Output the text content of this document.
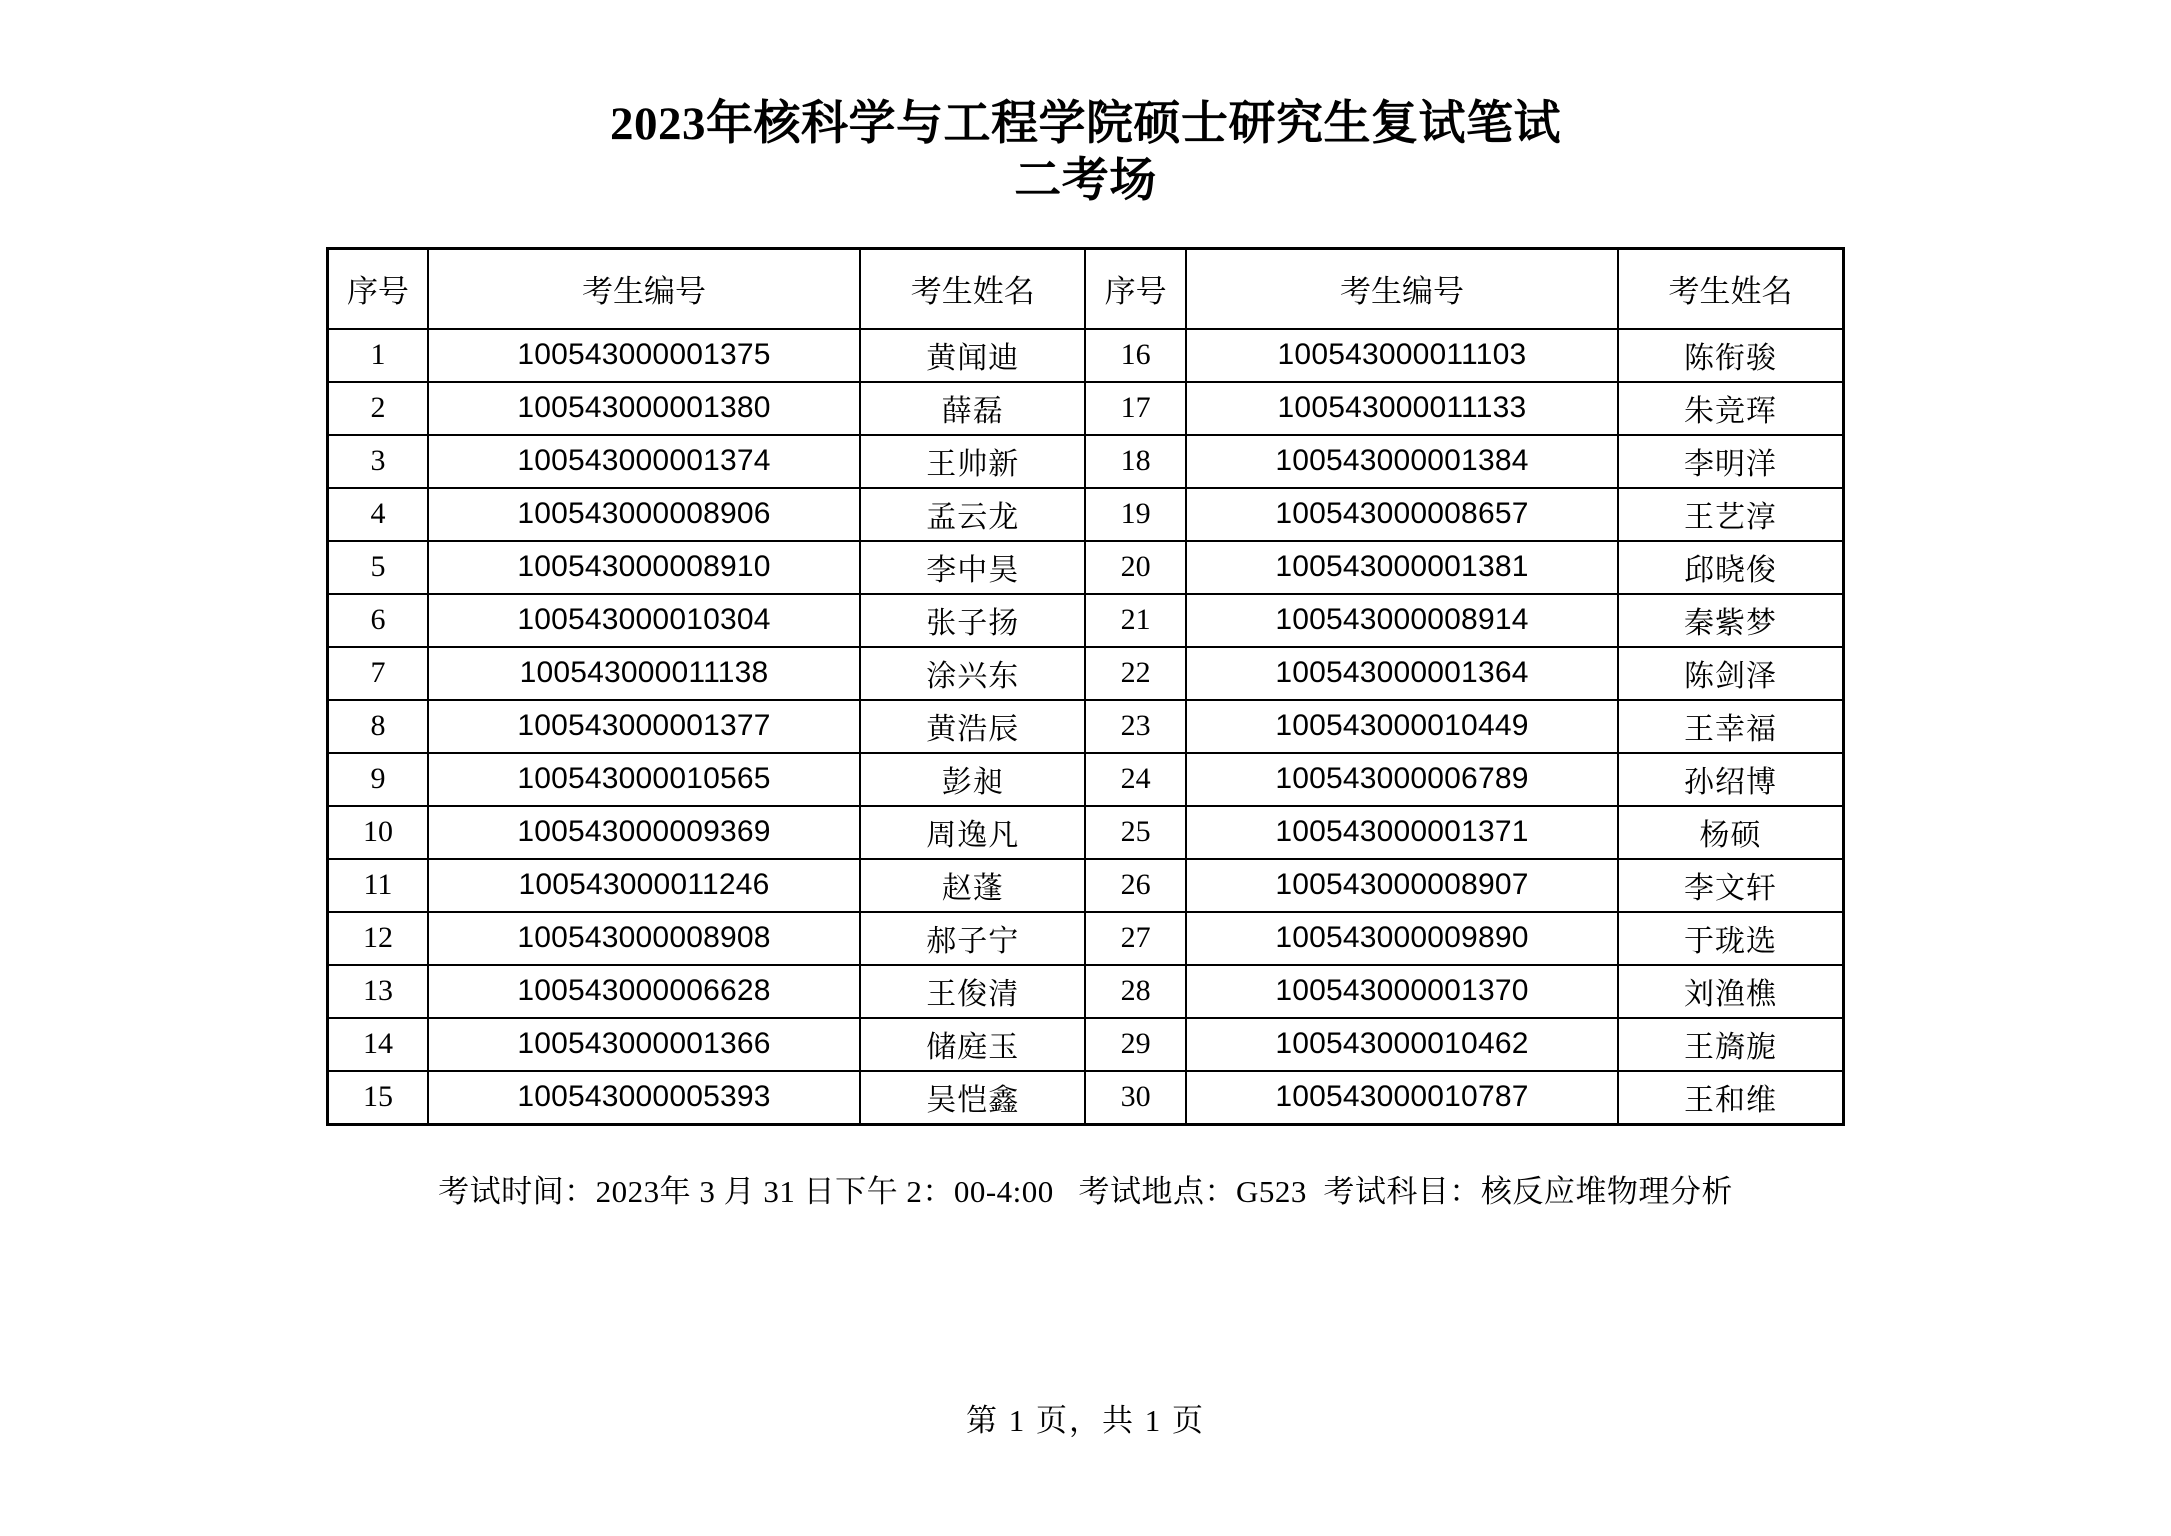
2023年核科学与工程学院硕士研究生复试笔试
二考场
序号	考生编号	考生姓名	序号	考生编号	考生姓名
1	100543000001375	黄闻迪	16	100543000011103	陈衔骏
2	100543000001380	薛磊	17	100543000011133	朱竞珲
3	100543000001374	王帅新	18	100543000001384	李明洋
4	100543000008906	孟云龙	19	100543000008657	王艺淳
5	100543000008910	李中昊	20	100543000001381	邱晓俊
6	100543000010304	张子扬	21	100543000008914	秦紫梦
7	100543000011138	涂兴东	22	100543000001364	陈剑泽
8	100543000001377	黄浩辰	23	100543000010449	王幸福
9	100543000010565	彭昶	24	100543000006789	孙绍博
10	100543000009369	周逸凡	25	100543000001371	杨硕
11	100543000011246	赵蓬	26	100543000008907	李文轩
12	100543000008908	郝子宁	27	100543000009890	于珑选
13	100543000006628	王俊清	28	100543000001370	刘渔樵
14	100543000001366	储庭玉	29	100543000010462	王旖旎
15	100543000005393	吴恺鑫	30	100543000010787	王和维
考试时间：2023年 3 月 31 日下午 2：00-4:00 考试地点：G523 考试科目：核反应堆物理分析
第 1 页，共 1 页
